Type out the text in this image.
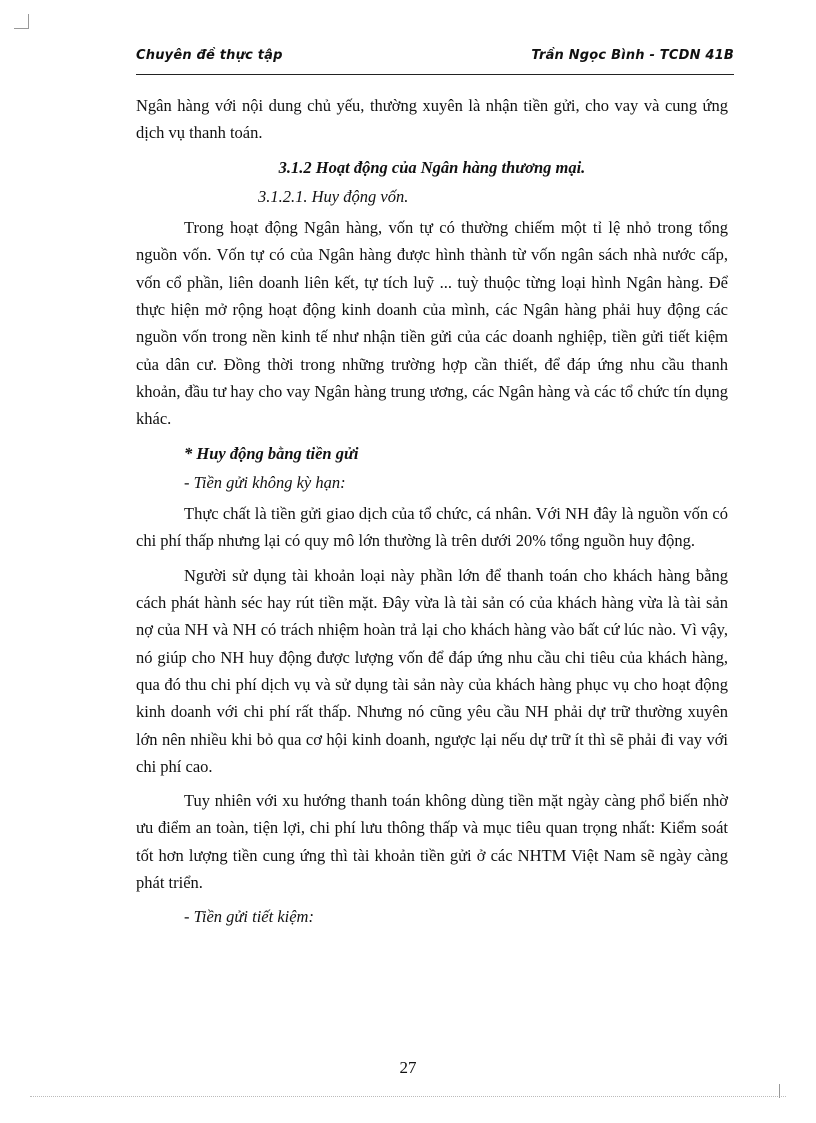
Chuyên đề thực tập	Trần Ngọc Bình - TCDN 41B

Ngân hàng với nội dung chủ yếu, thường xuyên là nhận tiền gửi, cho vay và cung ứng dịch vụ thanh toán.

3.1.2 Hoạt động của Ngân hàng thương mại.

3.1.2.1. Huy động vốn.

Trong hoạt động Ngân hàng, vốn tự có thường chiếm một tỉ lệ nhỏ trong tổng nguồn vốn. Vốn tự có của Ngân hàng được hình thành từ vốn ngân sách nhà nước cấp, vốn cổ phần, liên doanh liên kết, tự tích luỹ ... tuỳ thuộc từng loại hình Ngân hàng. Để thực hiện mở rộng hoạt động kinh doanh của mình, các Ngân hàng phải huy động các nguồn vốn trong nền kinh tế như nhận tiền gửi của các doanh nghiệp, tiền gửi tiết kiệm của dân cư. Đồng thời trong những trường hợp cần thiết, để đáp ứng nhu cầu thanh khoản, đầu tư hay cho vay Ngân hàng trung ương, các Ngân hàng và các tổ chức tín dụng khác.

* Huy động bằng tiền gửi

- Tiền gửi không kỳ hạn:

Thực chất là tiền gửi giao dịch của tổ chức, cá nhân. Với NH đây là nguồn vốn có chi phí thấp nhưng lại có quy mô lớn thường là trên dưới 20% tổng nguồn huy động.

Người sử dụng tài khoản loại này phần lớn để thanh toán cho khách hàng bằng cách phát hành séc hay rút tiền mặt. Đây vừa là tài sản có của khách hàng vừa là tài sản nợ của NH và NH có trách nhiệm hoàn trả lại cho khách hàng vào bất cứ lúc nào. Vì vậy, nó giúp cho NH huy động được lượng vốn để đáp ứng nhu cầu chi tiêu của khách hàng, qua đó thu chi phí dịch vụ và sử dụng tài sản này của khách hàng phục vụ cho hoạt động kinh doanh với chi phí rất thấp. Nhưng nó cũng yêu cầu NH phải dự trữ thường xuyên lớn nên nhiều khi bỏ qua cơ hội kinh doanh, ngược lại nếu dự trữ ít thì sẽ phải đi vay với chi phí cao.

Tuy nhiên với xu hướng thanh toán không dùng tiền mặt ngày càng phổ biến nhờ ưu điểm an toàn, tiện lợi, chi phí lưu thông thấp và mục tiêu quan trọng nhất: Kiểm soát tốt hơn lượng tiền cung ứng thì tài khoản tiền gửi ở các NHTM Việt Nam sẽ ngày càng phát triển.

- Tiền gửi tiết kiệm:

27
